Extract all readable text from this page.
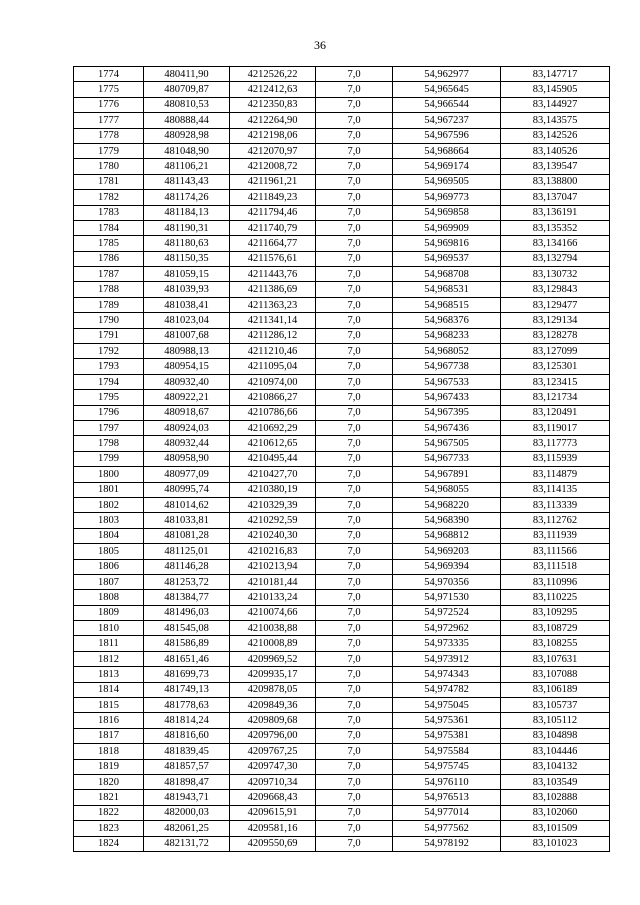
36
1774	480411,90	4212526,22	7,0	54,962977	83,147717
1775	480709,87	4212412,63	7,0	54,965645	83,145905
1776	480810,53	4212350,83	7,0	54,966544	83,144927
1777	480888,44	4212264,90	7,0	54,967237	83,143575
1778	480928,98	4212198,06	7,0	54,967596	83,142526
1779	481048,90	4212070,97	7,0	54,968664	83,140526
1780	481106,21	4212008,72	7,0	54,969174	83,139547
1781	481143,43	4211961,21	7,0	54,969505	83,138800
1782	481174,26	4211849,23	7,0	54,969773	83,137047
1783	481184,13	4211794,46	7,0	54,969858	83,136191
1784	481190,31	4211740,79	7,0	54,969909	83,135352
1785	481180,63	4211664,77	7,0	54,969816	83,134166
1786	481150,35	4211576,61	7,0	54,969537	83,132794
1787	481059,15	4211443,76	7,0	54,968708	83,130732
1788	481039,93	4211386,69	7,0	54,968531	83,129843
1789	481038,41	4211363,23	7,0	54,968515	83,129477
1790	481023,04	4211341,14	7,0	54,968376	83,129134
1791	481007,68	4211286,12	7,0	54,968233	83,128278
1792	480988,13	4211210,46	7,0	54,968052	83,127099
1793	480954,15	4211095,04	7,0	54,967738	83,125301
1794	480932,40	4210974,00	7,0	54,967533	83,123415
1795	480922,21	4210866,27	7,0	54,967433	83,121734
1796	480918,67	4210786,66	7,0	54,967395	83,120491
1797	480924,03	4210692,29	7,0	54,967436	83,119017
1798	480932,44	4210612,65	7,0	54,967505	83,117773
1799	480958,90	4210495,44	7,0	54,967733	83,115939
1800	480977,09	4210427,70	7,0	54,967891	83,114879
1801	480995,74	4210380,19	7,0	54,968055	83,114135
1802	481014,62	4210329,39	7,0	54,968220	83,113339
1803	481033,81	4210292,59	7,0	54,968390	83,112762
1804	481081,28	4210240,30	7,0	54,968812	83,111939
1805	481125,01	4210216,83	7,0	54,969203	83,111566
1806	481146,28	4210213,94	7,0	54,969394	83,111518
1807	481253,72	4210181,44	7,0	54,970356	83,110996
1808	481384,77	4210133,24	7,0	54,971530	83,110225
1809	481496,03	4210074,66	7,0	54,972524	83,109295
1810	481545,08	4210038,88	7,0	54,972962	83,108729
1811	481586,89	4210008,89	7,0	54,973335	83,108255
1812	481651,46	4209969,52	7,0	54,973912	83,107631
1813	481699,73	4209935,17	7,0	54,974343	83,107088
1814	481749,13	4209878,05	7,0	54,974782	83,106189
1815	481778,63	4209849,36	7,0	54,975045	83,105737
1816	481814,24	4209809,68	7,0	54,975361	83,105112
1817	481816,60	4209796,00	7,0	54,975381	83,104898
1818	481839,45	4209767,25	7,0	54,975584	83,104446
1819	481857,57	4209747,30	7,0	54,975745	83,104132
1820	481898,47	4209710,34	7,0	54,976110	83,103549
1821	481943,71	4209668,43	7,0	54,976513	83,102888
1822	482000,03	4209615,91	7,0	54,977014	83,102060
1823	482061,25	4209581,16	7,0	54,977562	83,101509
1824	482131,72	4209550,69	7,0	54,978192	83,101023
